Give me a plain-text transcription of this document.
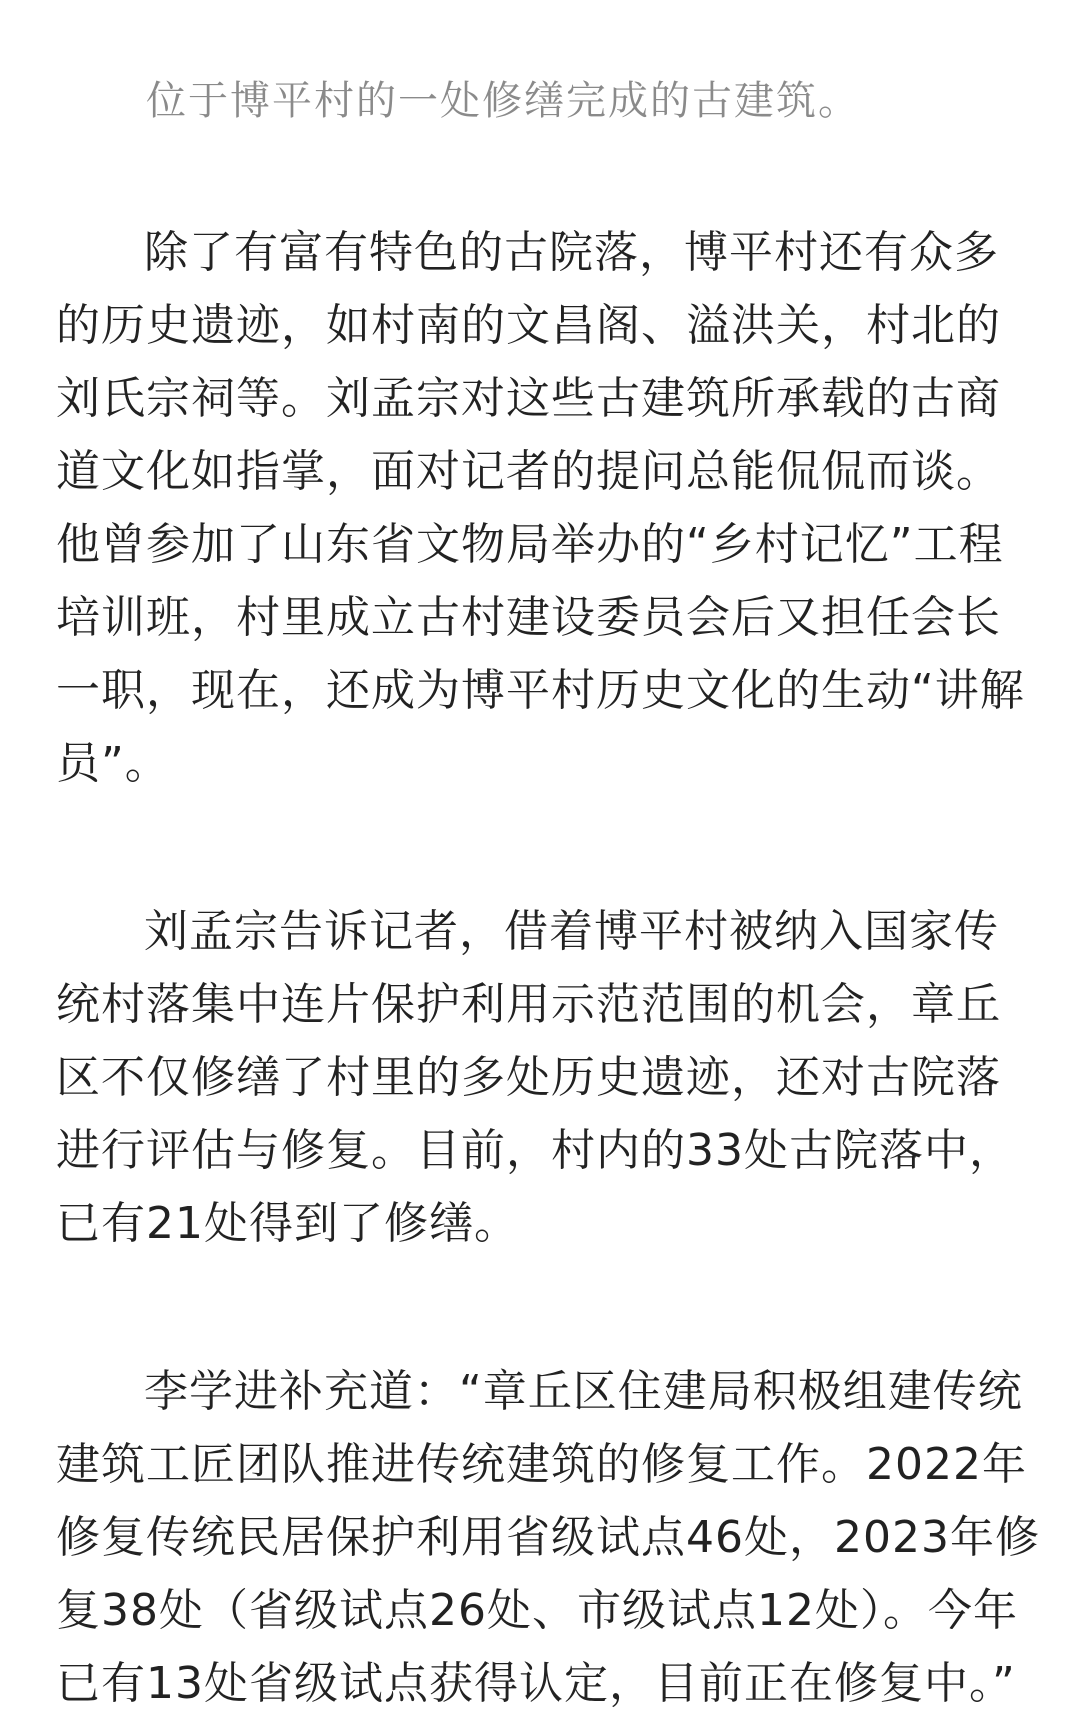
位于博平村的一处修缮完成的古建筑。

除了有富有特色的古院落，博平村还有众多
的历史遗迹，如村南的文昌阁、溢洪关，村北的
刘氏宗祠等。刘孟宗对这些古建筑所承载的古商
道文化如指掌，面对记者的提问总能侃侃而谈。
他曾参加了山东省文物局举办的“乡村记忆”工程
培训班，村里成立古村建设委员会后又担任会长
一职，现在，还成为博平村历史文化的生动“讲解
员”。

刘孟宗告诉记者，借着博平村被纳入国家传
统村落集中连片保护利用示范范围的机会，章丘
区不仅修缮了村里的多处历史遗迹，还对古院落
进行评估与修复。目前，村内的33处古院落中，
已有21处得到了修缮。

李学进补充道：“章丘区住建局积极组建传统
建筑工匠团队推进传统建筑的修复工作。2022年
修复传统民居保护利用省级试点46处，2023年修
复38处（省级试点26处、市级试点12处）。今年
已有13处省级试点获得认定，目前正在修复中。”
